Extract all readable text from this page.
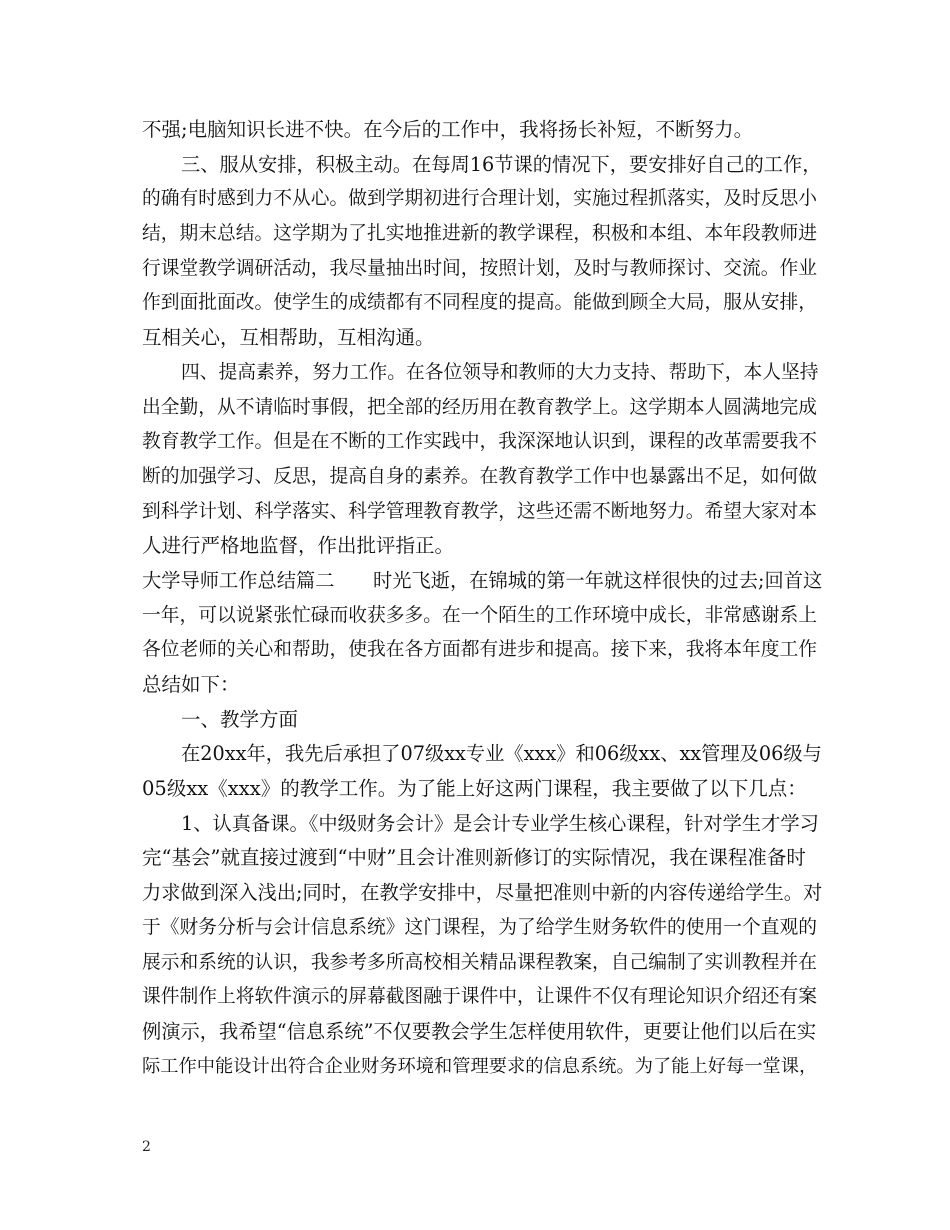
不强;电脑知识长进不快。在今后的工作中，我将扬长补短，不断努力。
三、服从安排，积极主动。在每周16节课的情况下，要安排好自己的工作，
的确有时感到力不从心。做到学期初进行合理计划，实施过程抓落实，及时反思小
结，期末总结。这学期为了扎实地推进新的教学课程，积极和本组、本年段教师进
行课堂教学调研活动，我尽量抽出时间，按照计划，及时与教师探讨、交流。作业
作到面批面改。使学生的成绩都有不同程度的提高。能做到顾全大局，服从安排，
互相关心，互相帮助，互相沟通。
四、提高素养，努力工作。在各位领导和教师的大力支持、帮助下，本人坚持
出全勤，从不请临时事假，把全部的经历用在教育教学上。这学期本人圆满地完成
教育教学工作。但是在不断的工作实践中，我深深地认识到，课程的改革需要我不
断的加强学习、反思，提高自身的素养。在教育教学工作中也暴露出不足，如何做
到科学计划、科学落实、科学管理教育教学，这些还需不断地努力。希望大家对本
人进行严格地监督，作出批评指正。
大学导师工作总结篇二　　时光飞逝，在锦城的第一年就这样很快的过去;回首这
一年，可以说紧张忙碌而收获多多。在一个陌生的工作环境中成长，非常感谢系上
各位老师的关心和帮助，使我在各方面都有进步和提高。接下来，我将本年度工作
总结如下：
一、教学方面
在20xx年，我先后承担了07级xx专业《xxx》和06级xx、xx管理及06级与
05级xx《xxx》的教学工作。为了能上好这两门课程，我主要做了以下几点：
1、认真备课。《中级财务会计》是会计专业学生核心课程，针对学生才学习
完“基会”就直接过渡到“中财”且会计准则新修订的实际情况，我在课程准备时
力求做到深入浅出;同时，在教学安排中，尽量把准则中新的内容传递给学生。对
于《财务分析与会计信息系统》这门课程，为了给学生财务软件的使用一个直观的
展示和系统的认识，我参考多所高校相关精品课程教案，自己编制了实训教程并在
课件制作上将软件演示的屏幕截图融于课件中，让课件不仅有理论知识介绍还有案
例演示，我希望“信息系统”不仅要教会学生怎样使用软件，更要让他们以后在实
际工作中能设计出符合企业财务环境和管理要求的信息系统。为了能上好每一堂课，
2
